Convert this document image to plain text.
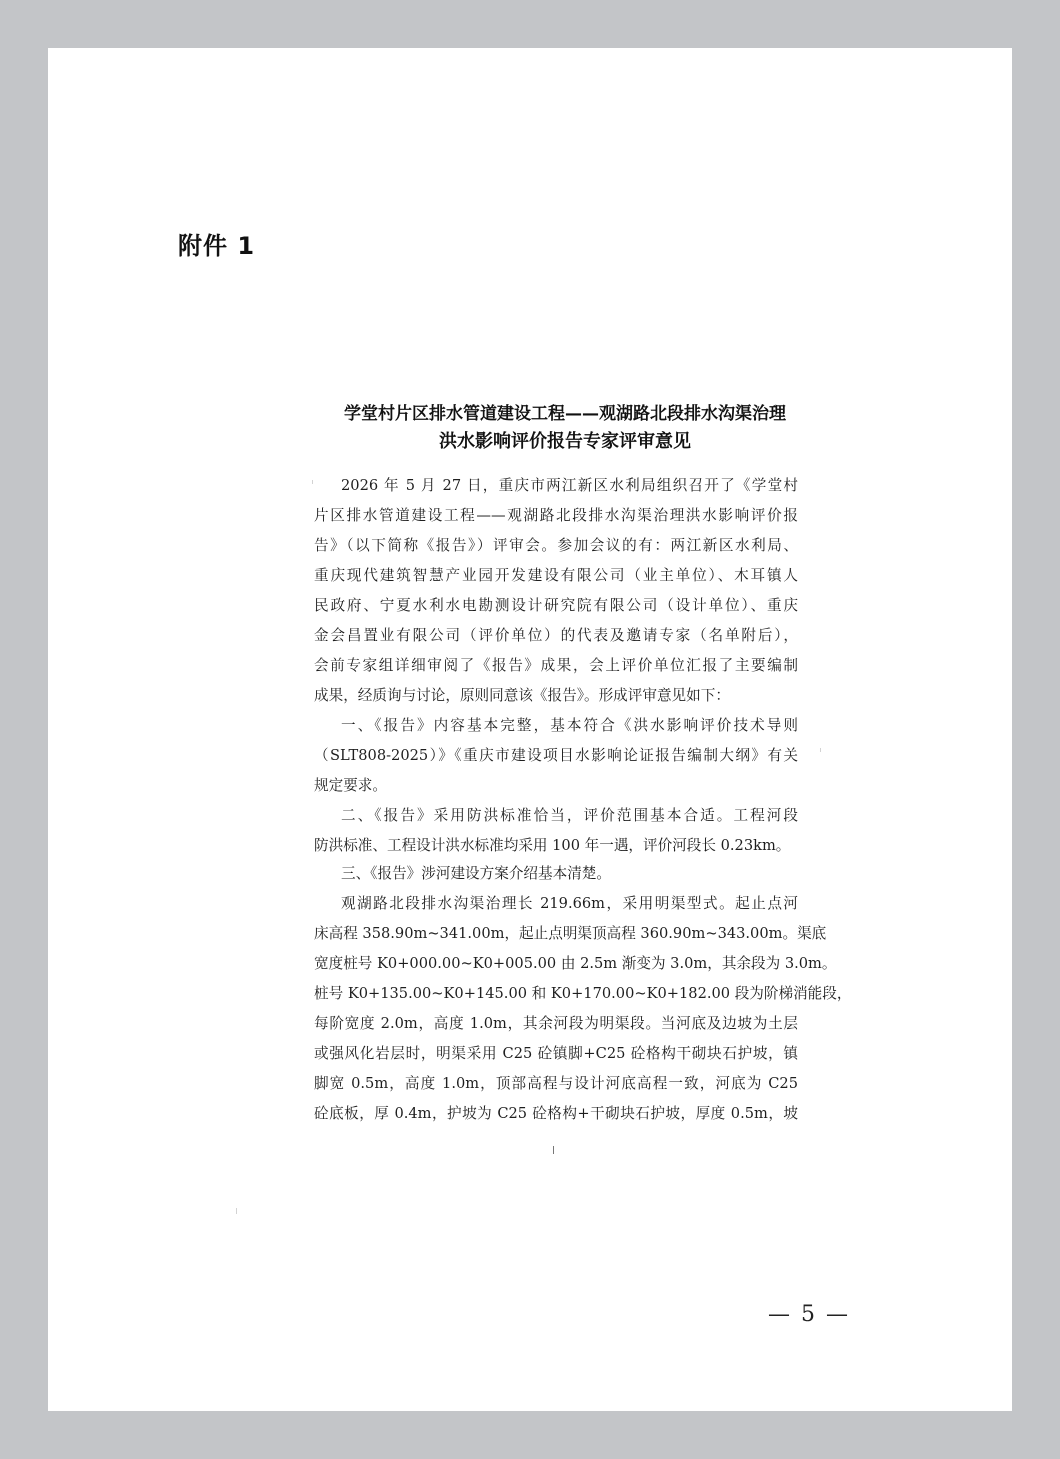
附件 1
学堂村片区排水管道建设工程——观湖路北段排水沟渠治理
洪水影响评价报告专家评审意见
2026 年 5 月 27 日，重庆市两江新区水利局组织召开了《学堂村
片区排水管道建设工程——观湖路北段排水沟渠治理洪水影响评价报
告》（以下简称《报告》）评审会。参加会议的有：两江新区水利局、
重庆现代建筑智慧产业园开发建设有限公司（业主单位）、木耳镇人
民政府、宁夏水利水电勘测设计研究院有限公司（设计单位）、重庆
金会昌置业有限公司（评价单位）的代表及邀请专家（名单附后），
会前专家组详细审阅了《报告》成果，会上评价单位汇报了主要编制
成果，经质询与讨论，原则同意该《报告》。形成评审意见如下：
一、《报告》内容基本完整，基本符合《洪水影响评价技术导则
（SLT808-2025）》《重庆市建设项目水影响论证报告编制大纲》有关
规定要求。
二、《报告》采用防洪标准恰当，评价范围基本合适。工程河段
防洪标准、工程设计洪水标准均采用 100 年一遇，评价河段长 0.23km。
三、《报告》涉河建设方案介绍基本清楚。
观湖路北段排水沟渠治理长 219.66m，采用明渠型式。起止点河
床高程 358.90m~341.00m，起止点明渠顶高程 360.90m~343.00m。渠底
宽度桩号 K0+000.00~K0+005.00 由 2.5m 渐变为 3.0m，其余段为 3.0m。
桩号 K0+135.00~K0+145.00 和 K0+170.00~K0+182.00 段为阶梯消能段，
每阶宽度 2.0m，高度 1.0m，其余河段为明渠段。当河底及边坡为土层
或强风化岩层时，明渠采用 C25 砼镇脚+C25 砼格构干砌块石护坡，镇
脚宽 0.5m，高度 1.0m，顶部高程与设计河底高程一致，河底为 C25
砼底板，厚 0.4m，护坡为 C25 砼格构+干砌块石护坡，厚度 0.5m，坡
— 5 —
